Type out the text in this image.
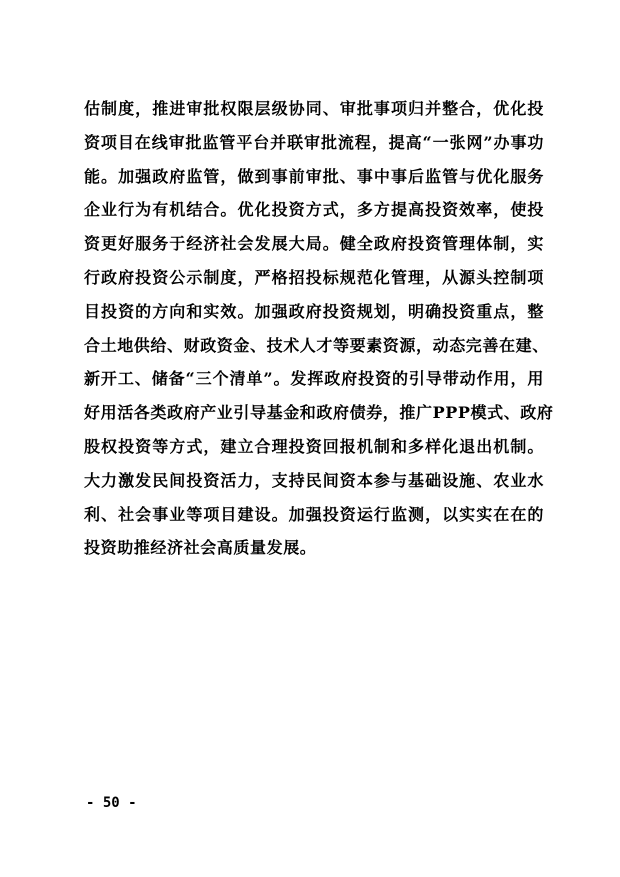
估制度，推进审批权限层级协同、审批事项归并整合，优化投
资项目在线审批监管平台并联审批流程，提高“一张网”办事功
能。加强政府监管，做到事前审批、事中事后监管与优化服务
企业行为有机结合。优化投资方式，多方提高投资效率，使投
资更好服务于经济社会发展大局。健全政府投资管理体制，实
行政府投资公示制度，严格招投标规范化管理，从源头控制项
目投资的方向和实效。加强政府投资规划，明确投资重点，整
合土地供给、财政资金、技术人才等要素资源，动态完善在建、
新开工、储备“三个清单”。发挥政府投资的引导带动作用，用
好用活各类政府产业引导基金和政府债券，推广PPP模式、政府
股权投资等方式，建立合理投资回报机制和多样化退出机制。
大力激发民间投资活力，支持民间资本参与基础设施、农业水
利、社会事业等项目建设。加强投资运行监测，以实实在在的
投资助推经济社会高质量发展。
- 50 -
